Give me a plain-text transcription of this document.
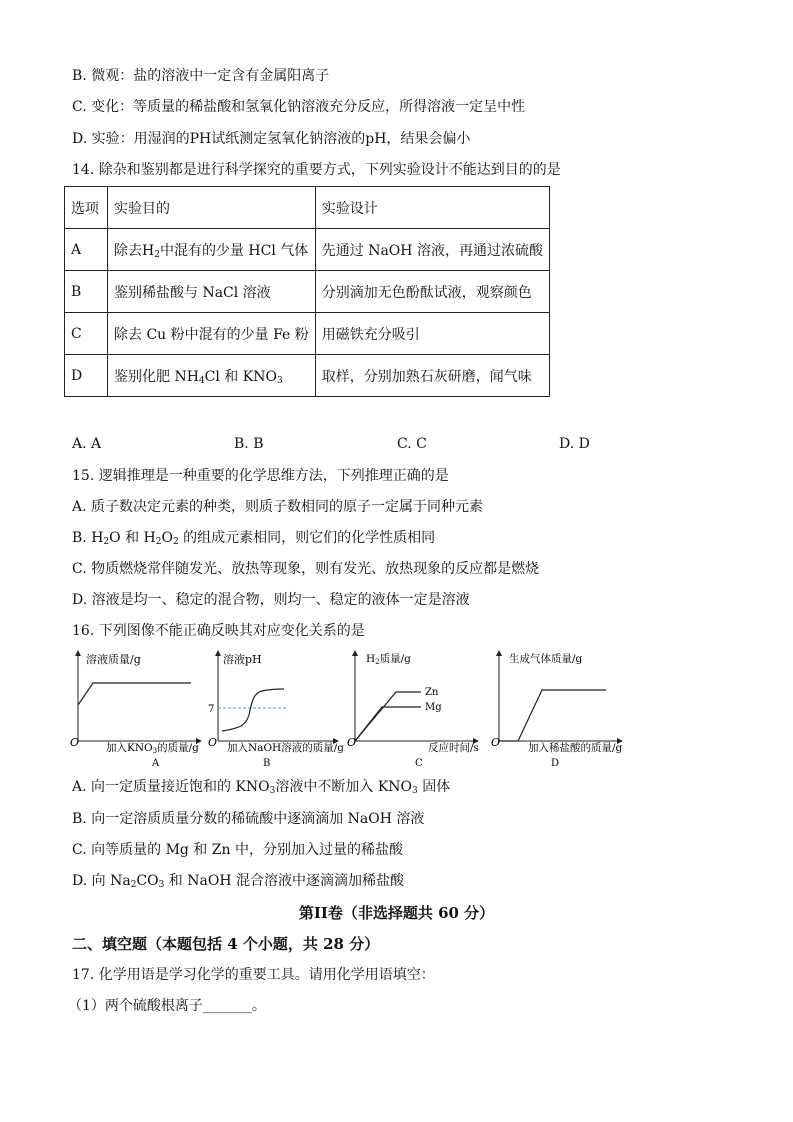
B. 微观：盐的溶液中一定含有金属阳离子
C. 变化：等质量的稀盐酸和氢氧化钠溶液充分反应，所得溶液一定呈中性
D. 实验：用湿润的PH试纸测定氢氧化钠溶液的pH，结果会偏小
14. 除杂和鉴别都是进行科学探究的重要方式，下列实验设计不能达到目的的是
选项	实验目的	实验设计
A	除去$H_2$中混有的少量 HCl 气体	先通过 NaOH 溶液，再通过浓硫酸
B	鉴别稀盐酸与 NaCl 溶液	分别滴加无色酚酞试液，观察颜色
C	除去 Cu 粉中混有的少量 Fe 粉	用磁铁充分吸引
D	鉴别化肥 $NH_4Cl$ 和 $KNO_3$	取样，分别加熟石灰研磨，闻气味
A. A	B. B	C. C	D. D
15. 逻辑推理是一种重要的化学思维方法，下列推理正确的是
A. 质子数决定元素的种类，则质子数相同的原子一定属于同种元素
B. $H_2O$ 和 $H_2O_2$ 的组成元素相同，则它们的化学性质相同
C. 物质燃烧常伴随发光、放热等现象，则有发光、放热现象的反应都是燃烧
D. 溶液是均一、稳定的混合物，则均一、稳定的液体一定是溶液
16. 下列图像不能正确反映其对应变化关系的是
溶液质量/g
O	加入KNO3的质量/g
A
溶液pH
7
O 加入NaOH溶液的质量/g
B
H2质量/g
Zn
Mg
O	反应时间/s
C
生成气体质量/g
O	加入稀盐酸的质量/g
D
A. 向一定质量接近饱和的 $KNO_3$溶液中不断加入 $KNO_3$ 固体
B. 向一定溶质质量分数的稀硫酸中逐滴滴加 NaOH 溶液
C. 向等质量的 Mg 和 Zn 中，分别加入过量的稀盐酸
D. 向 $Na_2CO_3$ 和 NaOH 混合溶液中逐滴滴加稀盐酸
第II卷（非选择题共 60 分）
二、填空题（本题包括 4 个小题，共 28 分）
17. 化学用语是学习化学的重要工具。请用化学用语填空：
（1）两个硫酸根离子_______。
